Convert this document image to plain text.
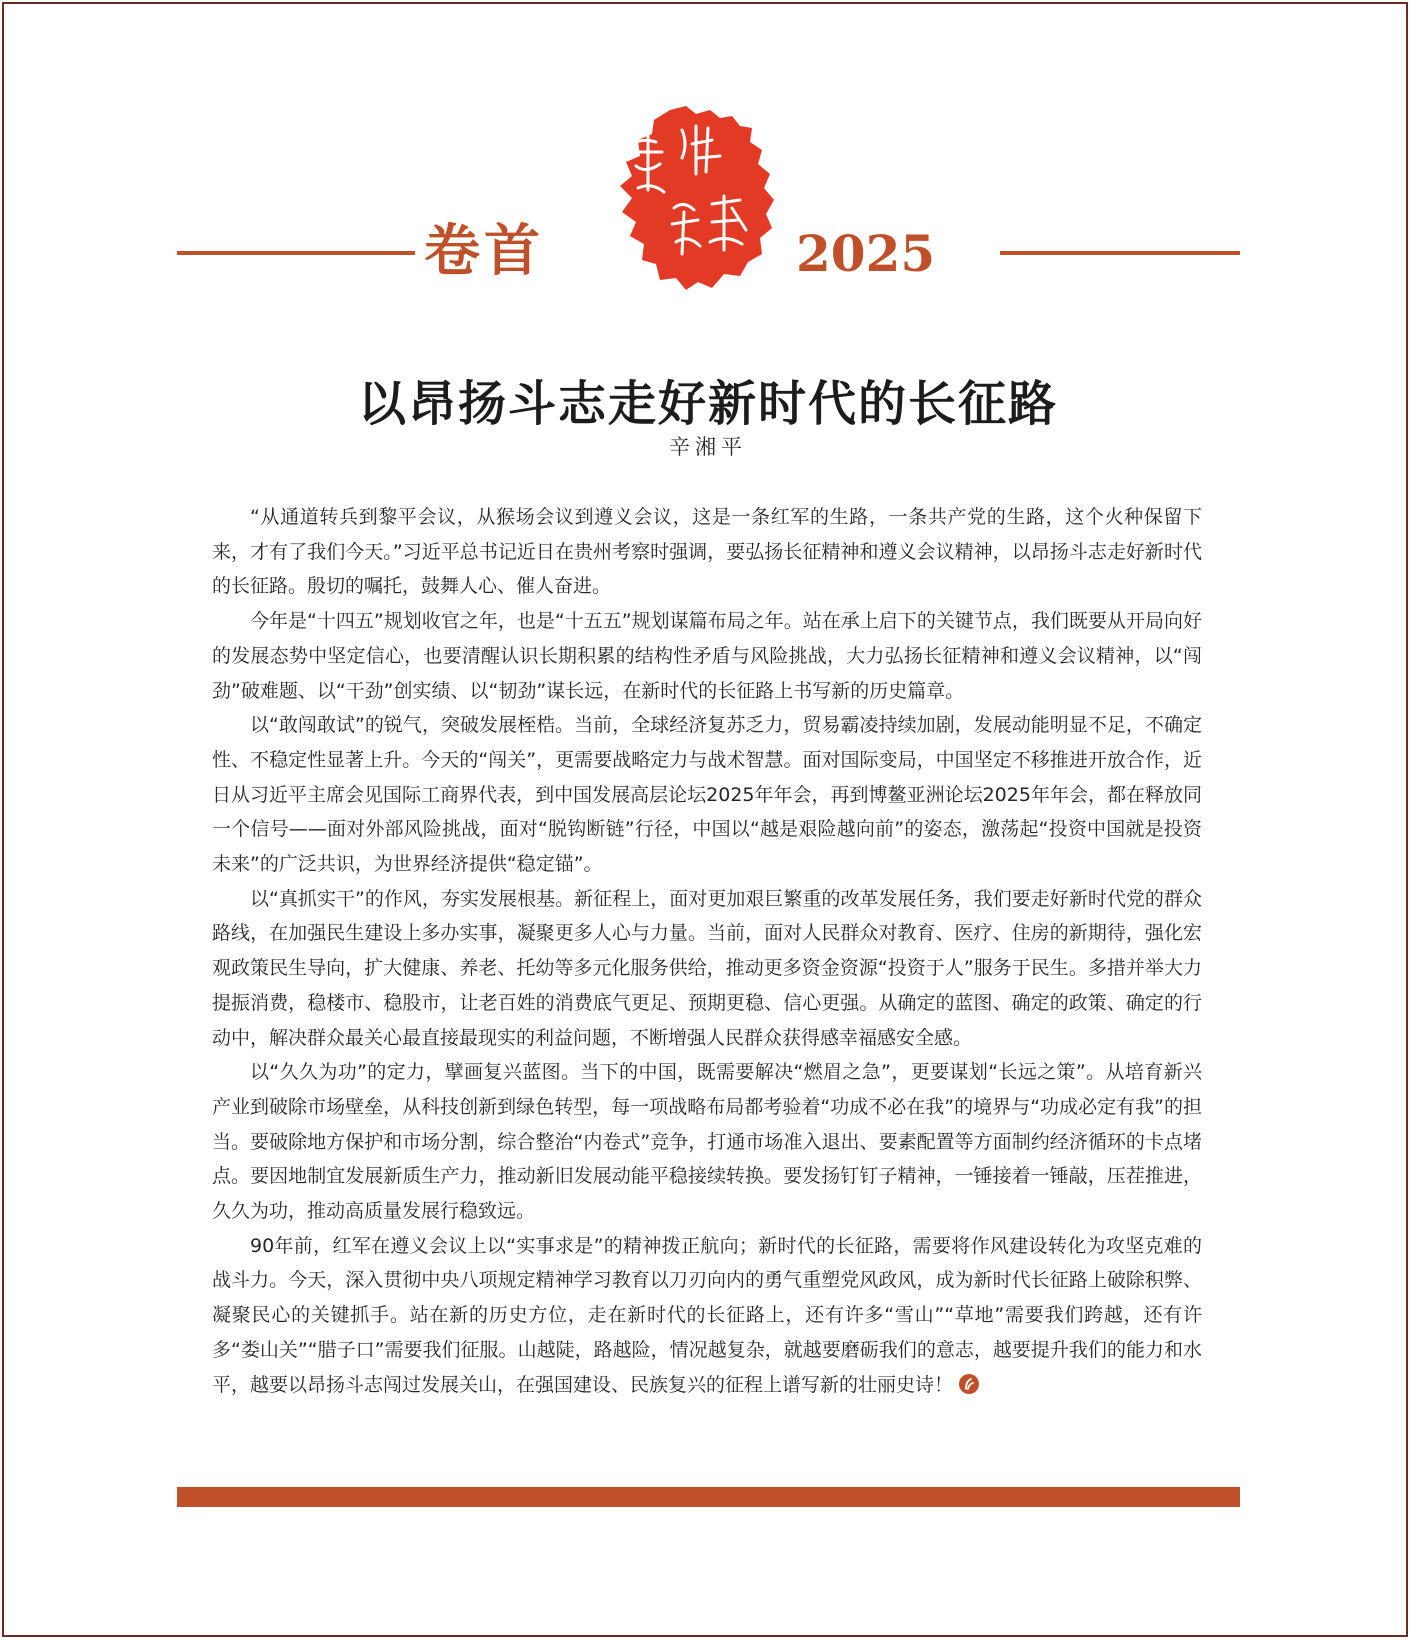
卷首	2025
以昂扬斗志走好新时代的长征路
辛湘平

“从通道转兵到黎平会议，从猴场会议到遵义会议，这是一条红军的生路，一条共产党的生路，这个火种保留下来，才有了我们今天。”习近平总书记近日在贵州考察时强调，要弘扬长征精神和遵义会议精神，以昂扬斗志走好新时代的长征路。殷切的嘱托，鼓舞人心、催人奋进。

今年是“十四五”规划收官之年，也是“十五五”规划谋篇布局之年。站在承上启下的关键节点，我们既要从开局向好的发展态势中坚定信心，也要清醒认识长期积累的结构性矛盾与风险挑战，大力弘扬长征精神和遵义会议精神，以“闯劲”破难题、以“干劲”创实绩、以“韧劲”谋长远，在新时代的长征路上书写新的历史篇章。

以“敢闯敢试”的锐气，突破发展桎梏。当前，全球经济复苏乏力，贸易霸凌持续加剧，发展动能明显不足，不确定性、不稳定性显著上升。今天的“闯关”，更需要战略定力与战术智慧。面对国际变局，中国坚定不移推进开放合作，近日从习近平主席会见国际工商界代表，到中国发展高层论坛2025年年会，再到博鳌亚洲论坛2025年年会，都在释放同一个信号——面对外部风险挑战，面对“脱钩断链”行径，中国以“越是艰险越向前”的姿态，激荡起“投资中国就是投资未来”的广泛共识，为世界经济提供“稳定锚”。

以“真抓实干”的作风，夯实发展根基。新征程上，面对更加艰巨繁重的改革发展任务，我们要走好新时代党的群众路线，在加强民生建设上多办实事，凝聚更多人心与力量。当前，面对人民群众对教育、医疗、住房的新期待，强化宏观政策民生导向，扩大健康、养老、托幼等多元化服务供给，推动更多资金资源“投资于人”服务于民生。多措并举大力提振消费，稳楼市、稳股市，让老百姓的消费底气更足、预期更稳、信心更强。从确定的蓝图、确定的政策、确定的行动中，解决群众最关心最直接最现实的利益问题，不断增强人民群众获得感幸福感安全感。

以“久久为功”的定力，擘画复兴蓝图。当下的中国，既需要解决“燃眉之急”，更要谋划“长远之策”。从培育新兴产业到破除市场壁垒，从科技创新到绿色转型，每一项战略布局都考验着“功成不必在我”的境界与“功成必定有我”的担当。要破除地方保护和市场分割，综合整治“内卷式”竞争，打通市场准入退出、要素配置等方面制约经济循环的卡点堵点。要因地制宜发展新质生产力，推动新旧发展动能平稳接续转换。要发扬钉钉子精神，一锤接着一锤敲，压茬推进，久久为功，推动高质量发展行稳致远。

90年前，红军在遵义会议上以“实事求是”的精神拨正航向；新时代的长征路，需要将作风建设转化为攻坚克难的战斗力。今天，深入贯彻中央八项规定精神学习教育以刀刃向内的勇气重塑党风政风，成为新时代长征路上破除积弊、凝聚民心的关键抓手。站在新的历史方位，走在新时代的长征路上，还有许多“雪山”“草地”需要我们跨越，还有许多“娄山关”“腊子口”需要我们征服。山越陡，路越险，情况越复杂，就越要磨砺我们的意志，越要提升我们的能力和水平，越要以昂扬斗志闯过发展关山，在强国建设、民族复兴的征程上谱写新的壮丽史诗！
